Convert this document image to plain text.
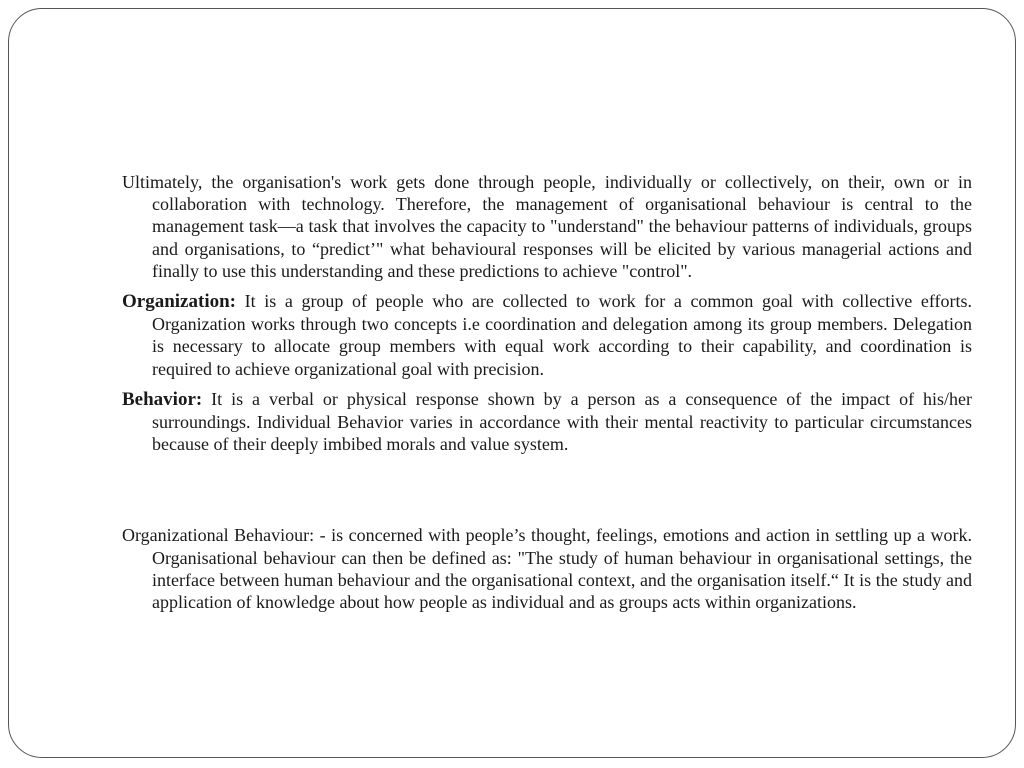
Ultimately, the organisation's work gets done through people, individually or collectively, on their, own or in collaboration with technology. Therefore, the management of organisational behaviour is central to the management task—a task that involves the capacity to "understand" the behaviour patterns of individuals, groups and organisations, to “predict’" what behavioural responses will be elicited by various managerial actions and finally to use this understanding and these predictions to achieve "control".

Organization: It is a group of people who are collected to work for a common goal with collective efforts. Organization works through two concepts i.e coordination and delegation among its group members. Delegation is necessary to allocate group members with equal work according to their capability, and coordination is required to achieve organizational goal with precision.

Behavior: It is a verbal or physical response shown by a person as a consequence of the impact of his/her surroundings. Individual Behavior varies in accordance with their mental reactivity to particular circumstances because of their deeply imbibed morals and value system.

Organizational Behaviour: - is concerned with people’s thought, feelings, emotions and action in settling up a work. Organisational behaviour can then be defined as: "The study of human behaviour in organisational settings, the interface between human behaviour and the organisational context, and the organisation itself.“ It is the study and application of knowledge about how people as individual and as groups acts within organizations.
